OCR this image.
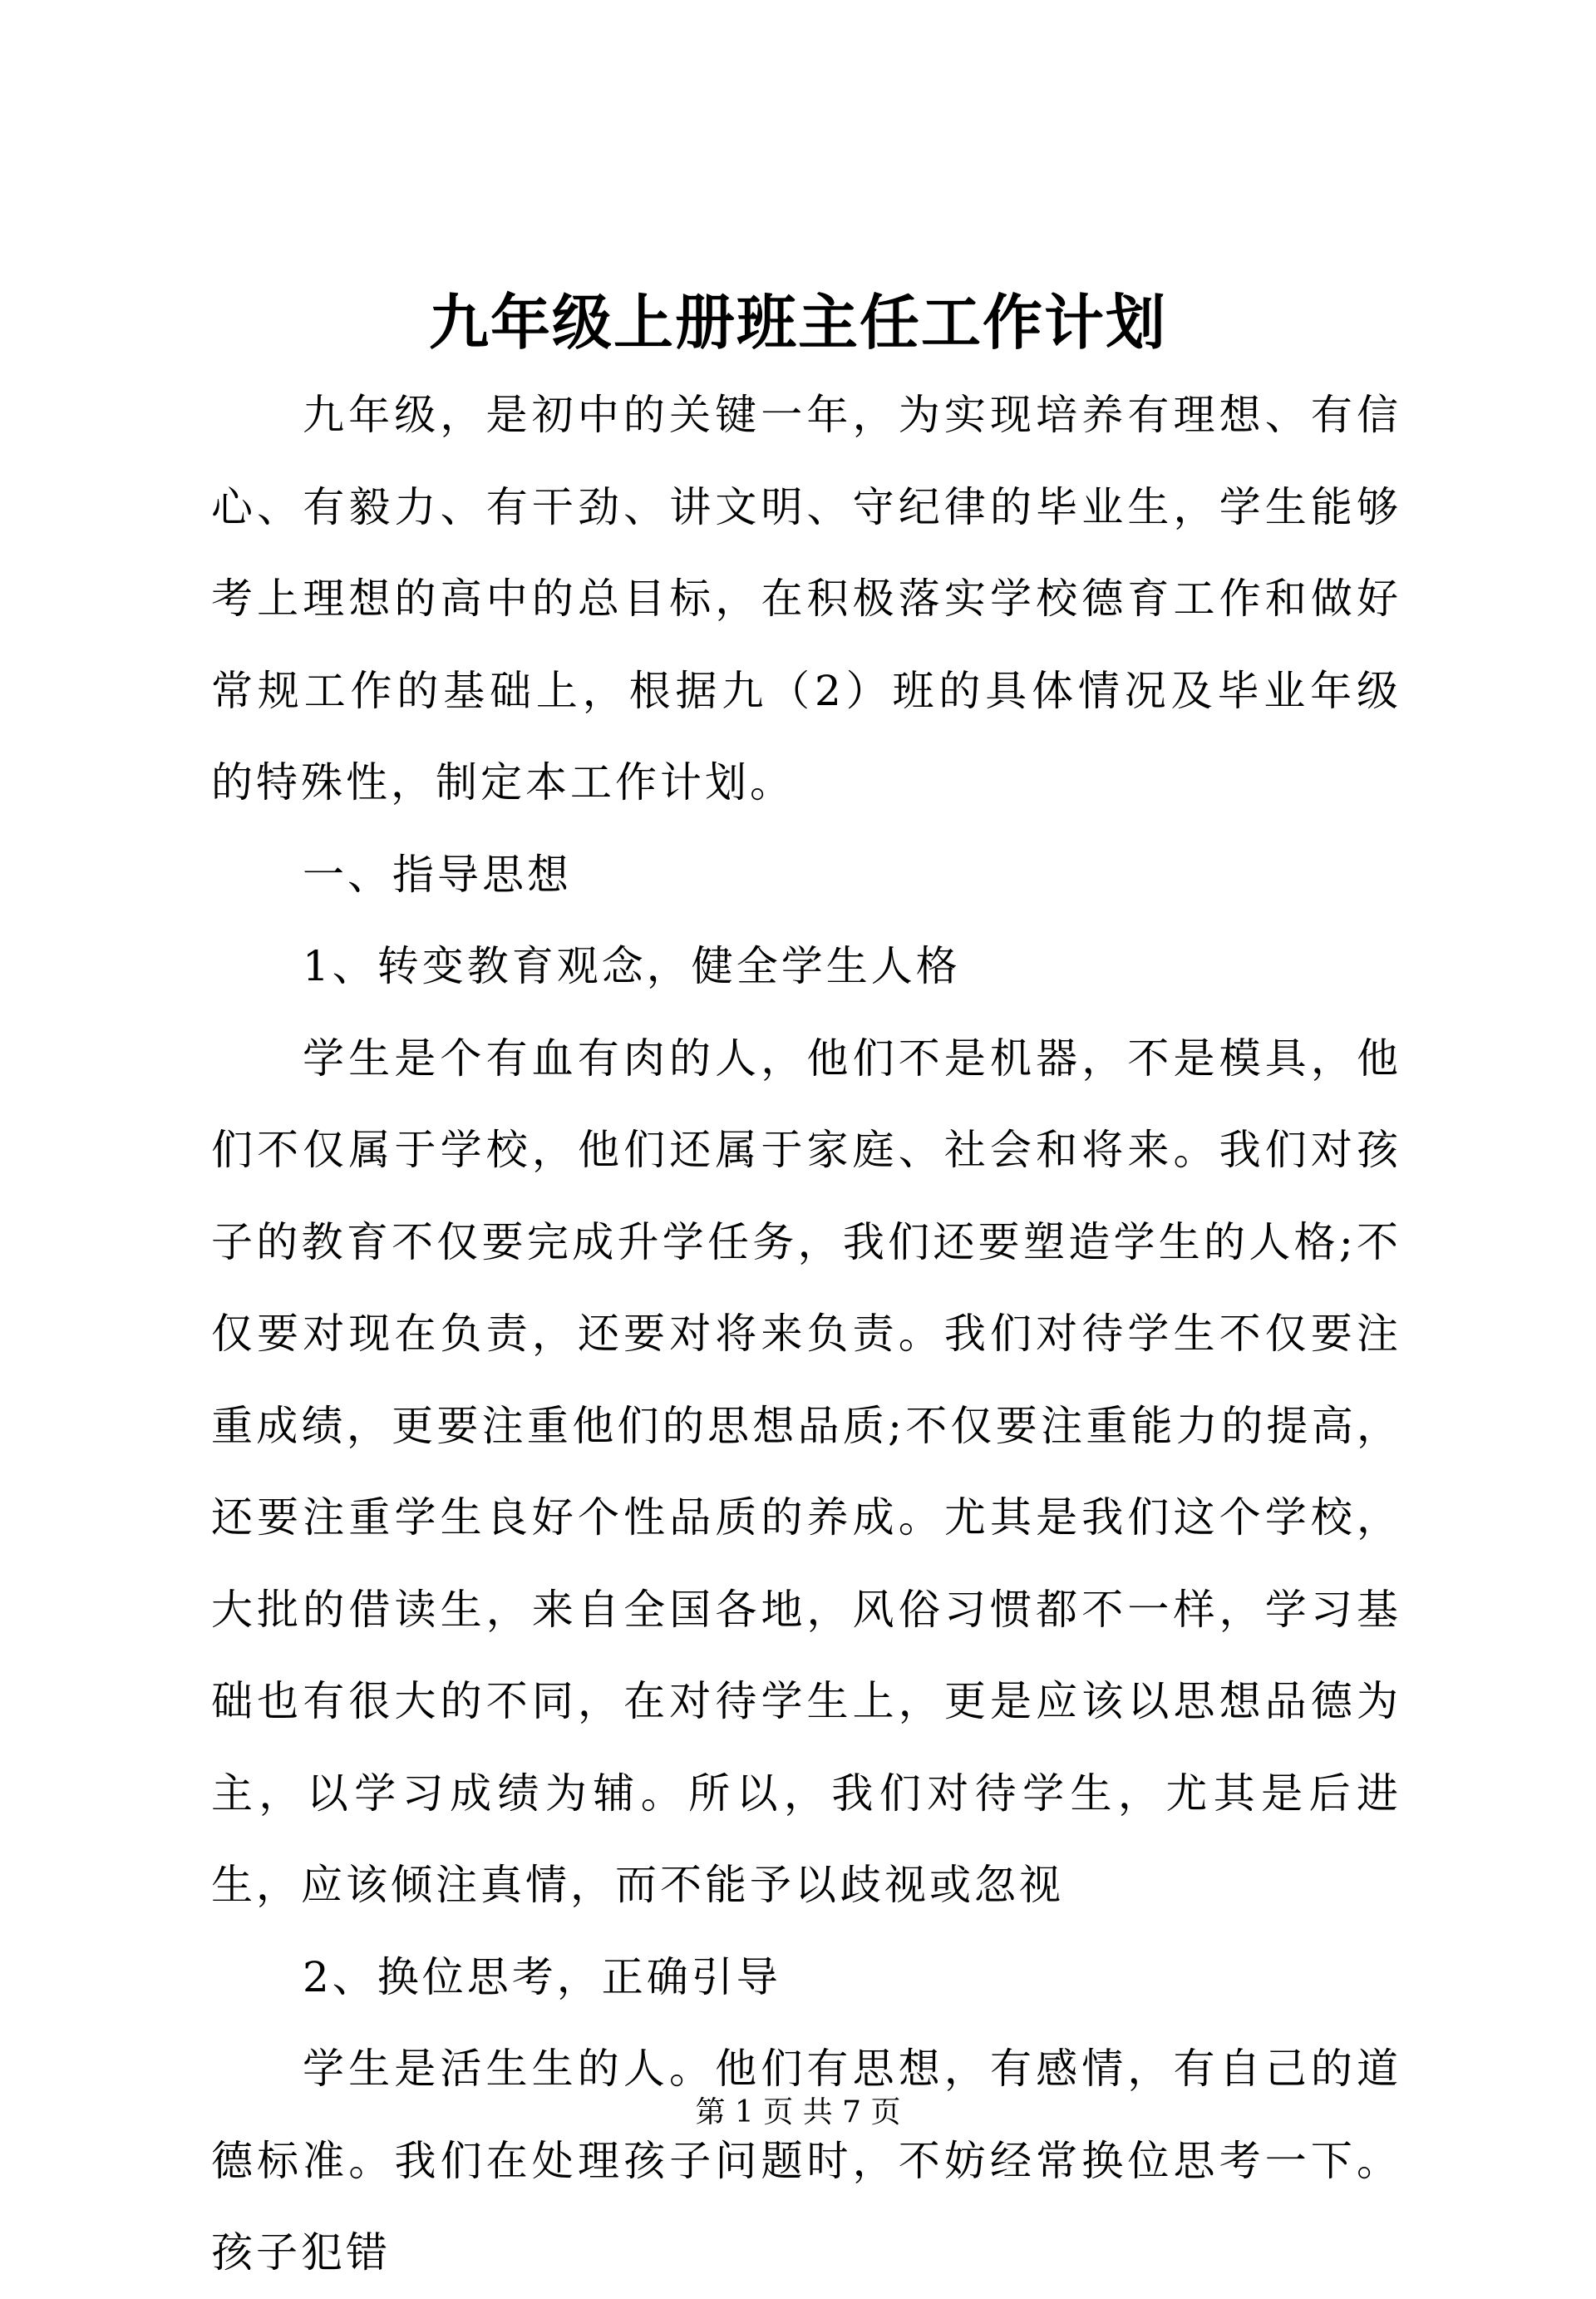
九年级上册班主任工作计划

九年级，是初中的关键一年，为实现培养有理想、有信心、有毅力、有干劲、讲文明、守纪律的毕业生，学生能够考上理想的高中的总目标，在积极落实学校德育工作和做好常规工作的基础上，根据九（2）班的具体情况及毕业年级的特殊性，制定本工作计划。

一、指导思想

1、转变教育观念，健全学生人格

学生是个有血有肉的人，他们不是机器，不是模具，他们不仅属于学校，他们还属于家庭、社会和将来。我们对孩子的教育不仅要完成升学任务，我们还要塑造学生的人格;不仅要对现在负责，还要对将来负责。我们对待学生不仅要注重成绩，更要注重他们的思想品质;不仅要注重能力的提高，还要注重学生良好个性品质的养成。尤其是我们这个学校，大批的借读生，来自全国各地，风俗习惯都不一样，学习基础也有很大的不同，在对待学生上，更是应该以思想品德为主，以学习成绩为辅。所以，我们对待学生，尤其是后进生，应该倾注真情，而不能予以歧视或忽视

2、换位思考，正确引导

学生是活生生的人。他们有思想，有感情，有自己的道德标准。我们在处理孩子问题时，不妨经常换位思考一下。孩子犯错

第 1 页 共 7 页
